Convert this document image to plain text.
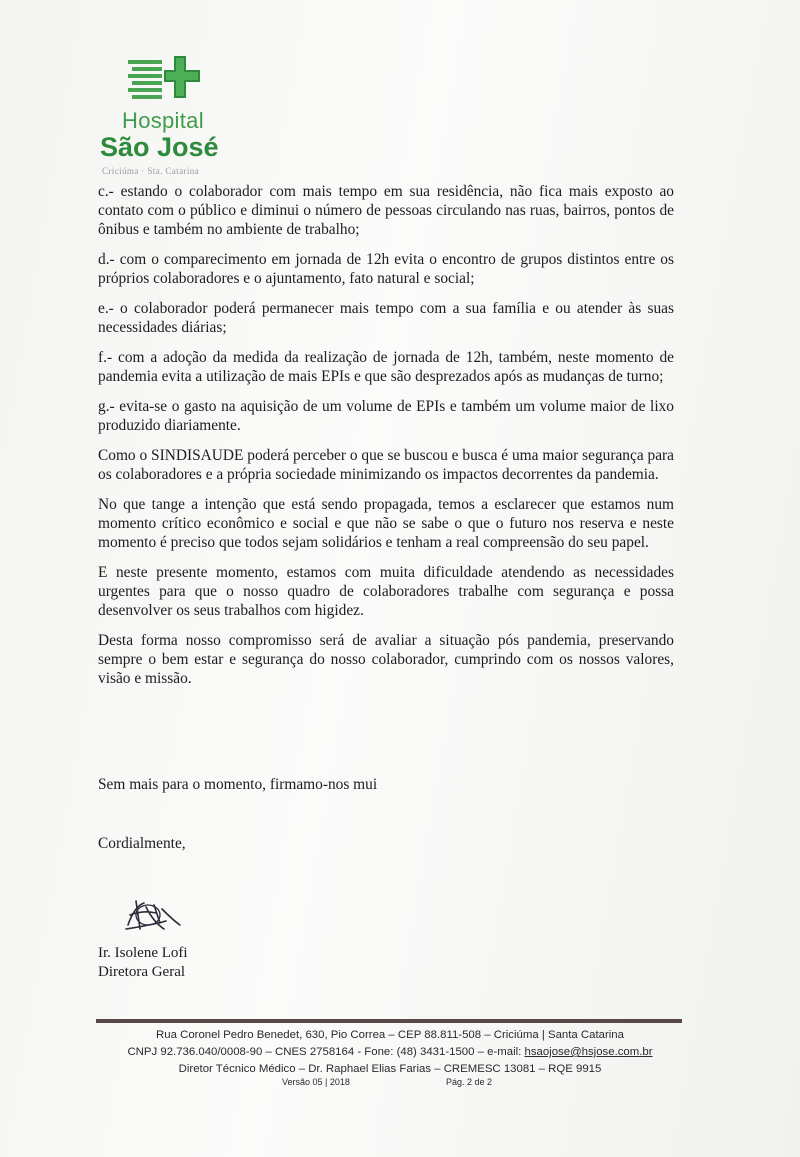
Hospital
São José
Criciúma · Sta. Catarina

c.- estando o colaborador com mais tempo em sua residência, não fica mais exposto ao contato com o público e diminui o número de pessoas circulando nas ruas, bairros, pontos de ônibus e também no ambiente de trabalho;

d.- com o comparecimento em jornada de 12h evita o encontro de grupos distintos entre os próprios colaboradores e o ajuntamento, fato natural e social;

e.- o colaborador poderá permanecer mais tempo com a sua família e ou atender às suas necessidades diárias;

f.- com a adoção da medida da realização de jornada de 12h, também, neste momento de pandemia evita a utilização de mais EPIs e que são desprezados após as mudanças de turno;

g.- evita-se o gasto na aquisição de um volume de EPIs e também um volume maior de lixo produzido diariamente.

Como o SINDISAUDE poderá perceber o que se buscou e busca é uma maior segurança para os colaboradores e a própria sociedade minimizando os impactos decorrentes da pandemia.

No que tange a intenção que está sendo propagada, temos a esclarecer que estamos num momento crítico econômico e social e que não se sabe o que o futuro nos reserva e neste momento é preciso que todos sejam solidários e tenham a real compreensão do seu papel.

E neste presente momento, estamos com muita dificuldade atendendo as necessidades urgentes para que o nosso quadro de colaboradores trabalhe com segurança e possa desenvolver os seus trabalhos com higidez.

Desta forma nosso compromisso será de avaliar a situação pós pandemia, preservando sempre o bem estar e segurança do nosso colaborador, cumprindo com os nossos valores, visão e missão.

Sem mais para o momento, firmamo-nos mui
Cordialmente,
Ir. Isolene Lofi
Diretora Geral
Rua Coronel Pedro Benedet, 630, Pio Correa – CEP 88.811-508 – Criciúma | Santa Catarina
CNPJ 92.736.040/0008-90 – CNES 2758164 - Fone: (48) 3431-1500 – e-mail: hsaojose@hsjose.com.br
Diretor Técnico Médico – Dr. Raphael Elias Farias – CREMESC 13081 – RQE 9915
Versão 05 | 2018	Pág. 2 de 2
